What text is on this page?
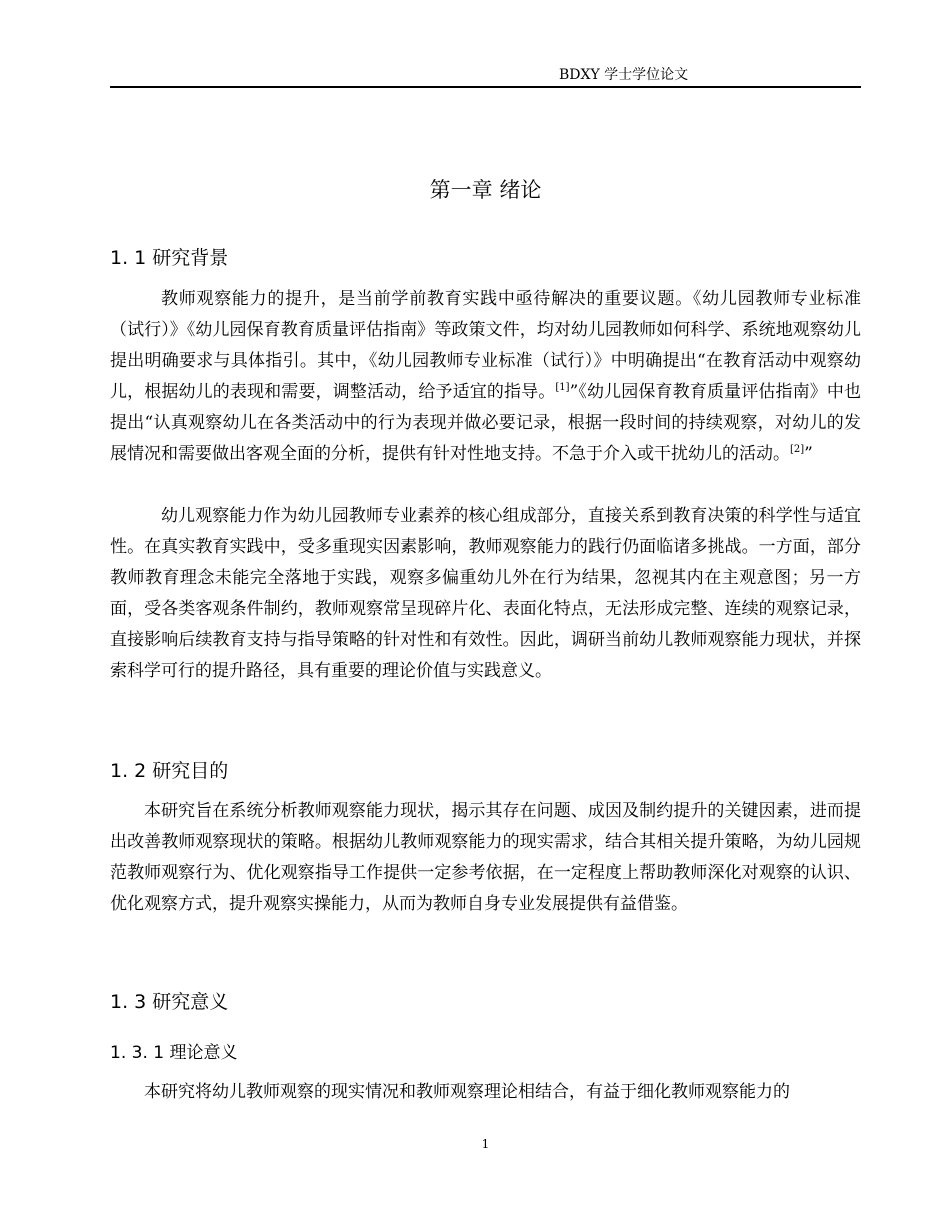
BDXY 学士学位论文
第一章 绪论
1. 1 研究背景
教师观察能力的提升，是当前学前教育实践中亟待解决的重要议题。《幼儿园教师专业标准（试行）》《幼儿园保育教育质量评估指南》等政策文件，均对幼儿园教师如何科学、系统地观察幼儿提出明确要求与具体指引。其中，《幼儿园教师专业标准（试行）》中明确提出“在教育活动中观察幼儿，根据幼儿的表现和需要，调整活动，给予适宜的指导。[1]”《幼儿园保育教育质量评估指南》中也提出“认真观察幼儿在各类活动中的行为表现并做必要记录，根据一段时间的持续观察，对幼儿的发展情况和需要做出客观全面的分析，提供有针对性地支持。不急于介入或干扰幼儿的活动。[2]”
幼儿观察能力作为幼儿园教师专业素养的核心组成部分，直接关系到教育决策的科学性与适宜性。在真实教育实践中，受多重现实因素影响，教师观察能力的践行仍面临诸多挑战。一方面，部分教师教育理念未能完全落地于实践，观察多偏重幼儿外在行为结果，忽视其内在主观意图；另一方面，受各类客观条件制约，教师观察常呈现碎片化、表面化特点，无法形成完整、连续的观察记录，直接影响后续教育支持与指导策略的针对性和有效性。因此，调研当前幼儿教师观察能力现状，并探索科学可行的提升路径，具有重要的理论价值与实践意义。
1. 2 研究目的
本研究旨在系统分析教师观察能力现状，揭示其存在问题、成因及制约提升的关键因素，进而提出改善教师观察现状的策略。根据幼儿教师观察能力的现实需求，结合其相关提升策略，为幼儿园规范教师观察行为、优化观察指导工作提供一定参考依据，在一定程度上帮助教师深化对观察的认识、优化观察方式，提升观察实操能力，从而为教师自身专业发展提供有益借鉴。
1. 3 研究意义
1. 3. 1 理论意义
本研究将幼儿教师观察的现实情况和教师观察理论相结合，有益于细化教师观察能力的
1
